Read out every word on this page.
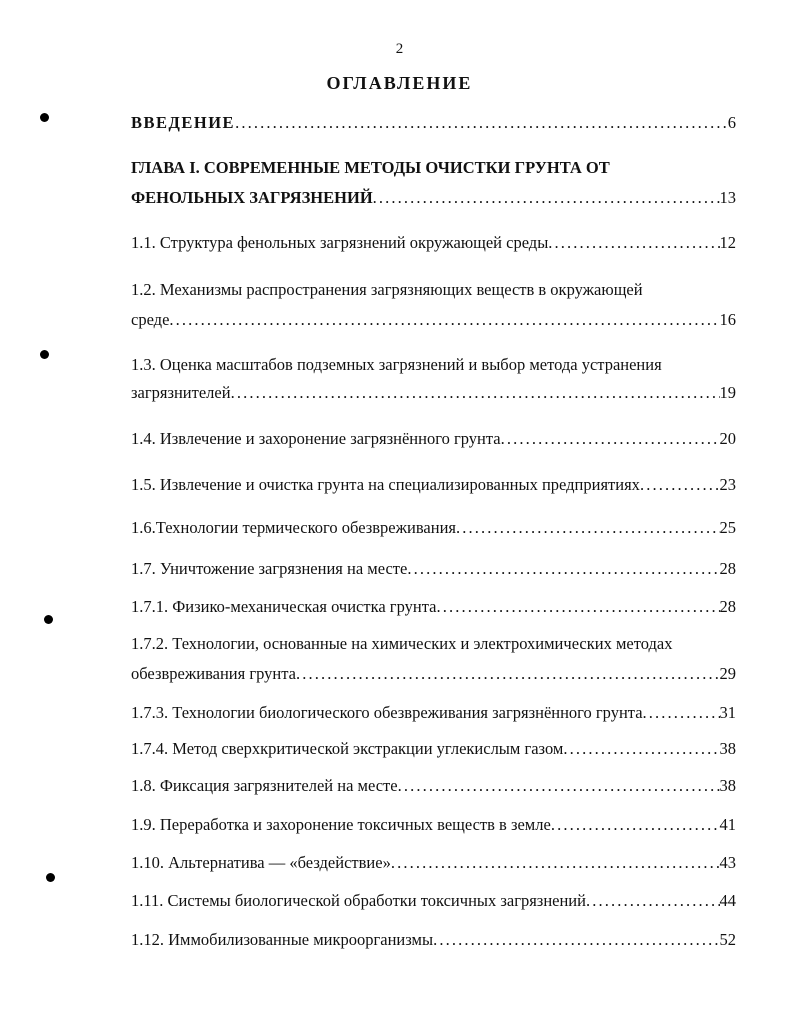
2
ОГЛАВЛЕНИЕ
ВВЕДЕНИЕ . . .	6
ГЛАВА I. СОВРЕМЕННЫЕ МЕТОДЫ ОЧИСТКИ ГРУНТА ОТ
ФЕНОЛЬНЫХ ЗАГРЯЗНЕНИЙ . . .	13
1.1. Структура фенольных загрязнений окружающей среды . . .	12
1.2. Механизмы распространения загрязняющих веществ в окружающей
среде . . .	16
1.3. Оценка масштабов подземных загрязнений и выбор метода устранения
загрязнителей . . .	19
1.4. Извлечение и захоронение загрязнённого грунта . . .	20
1.5. Извлечение и очистка грунта на специализированных предприятиях . . .	23
1.6.Технологии термического обезвреживания . . .	25
1.7. Уничтожение загрязнения на месте . . .	28
1.7.1. Физико-механическая очистка грунта . . .	28
1.7.2. Технологии, основанные на химических и электрохимических методах
обезвреживания грунта . . .	29
1.7.3. Технологии биологического обезвреживания загрязнённого грунта . . .	31
1.7.4. Метод сверхкритической экстракции углекислым газом . . .	38
1.8. Фиксация загрязнителей на месте . . .	38
1.9. Переработка и захоронение токсичных веществ в земле . . .	41
1.10. Альтернатива — «бездействие» . . .	43
1.11. Системы биологической обработки токсичных загрязнений . . .	44
1.12. Иммобилизованные микроорганизмы . . .	52
